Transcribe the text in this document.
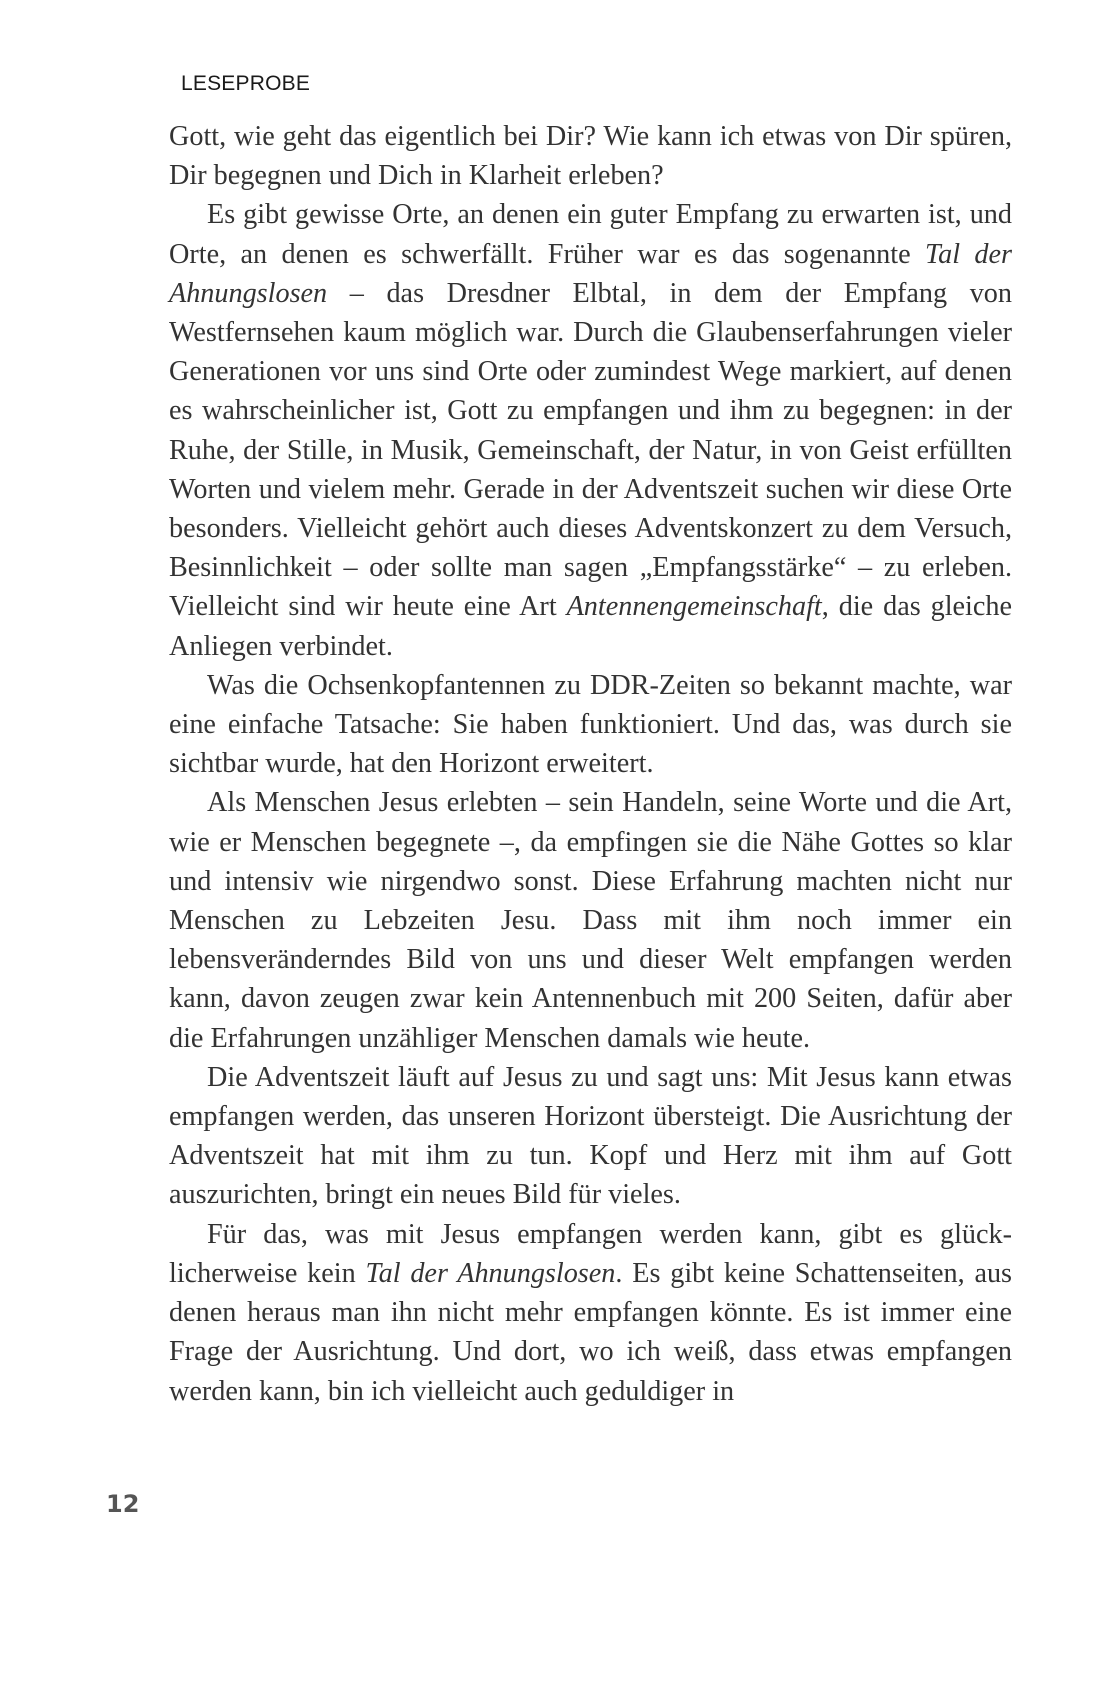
LESEPROBE

Gott, wie geht das eigentlich bei Dir? Wie kann ich etwas von Dir spüren, Dir begegnen und Dich in Klarheit erleben?

Es gibt gewisse Orte, an denen ein guter Empfang zu erwarten ist, und Orte, an denen es schwerfällt. Früher war es das sogenannte Tal der Ahnungslosen – das Dresdner Elbtal, in dem der Empfang von Westfernsehen kaum möglich war. Durch die Glaubenserfahrungen vieler Generationen vor uns sind Orte oder zumindest Wege markiert, auf denen es wahrscheinlicher ist, Gott zu empfangen und ihm zu begegnen: in der Ruhe, der Stille, in Musik, Gemeinschaft, der Natur, in von Geist erfüllten Worten und vielem mehr. Gerade in der Adventszeit suchen wir diese Orte besonders. Vielleicht gehört auch dieses Adventskonzert zu dem Versuch, Besinnlichkeit – oder sollte man sagen „Empfangsstärke“ – zu erleben. Vielleicht sind wir heute eine Art Antennengemeinschaft, die das gleiche Anliegen verbindet.

Was die Ochsenkopfantennen zu DDR-Zeiten so bekannt machte, war eine einfache Tatsache: Sie haben funktioniert. Und das, was durch sie sichtbar wurde, hat den Horizont erweitert.

Als Menschen Jesus erlebten – sein Handeln, seine Worte und die Art, wie er Menschen begegnete –, da empfingen sie die Nähe Gottes so klar und intensiv wie nirgendwo sonst. Diese Erfahrung machten nicht nur Menschen zu Lebzeiten Jesu. Dass mit ihm noch immer ein lebensveränderndes Bild von uns und dieser Welt empfangen werden kann, davon zeugen zwar kein Antennenbuch mit 200 Seiten, dafür aber die Erfahrungen unzähliger Menschen damals wie heute.

Die Adventszeit läuft auf Jesus zu und sagt uns: Mit Jesus kann etwas empfangen werden, das unseren Horizont übersteigt. Die Ausrichtung der Adventszeit hat mit ihm zu tun. Kopf und Herz mit ihm auf Gott auszurichten, bringt ein neues Bild für vieles.

Für das, was mit Jesus empfangen werden kann, gibt es glücklicherweise kein Tal der Ahnungslosen. Es gibt keine Schattenseiten, aus denen heraus man ihn nicht mehr empfangen könnte. Es ist immer eine Frage der Ausrichtung. Und dort, wo ich weiß, dass etwas empfangen werden kann, bin ich vielleicht auch geduldiger in

12
